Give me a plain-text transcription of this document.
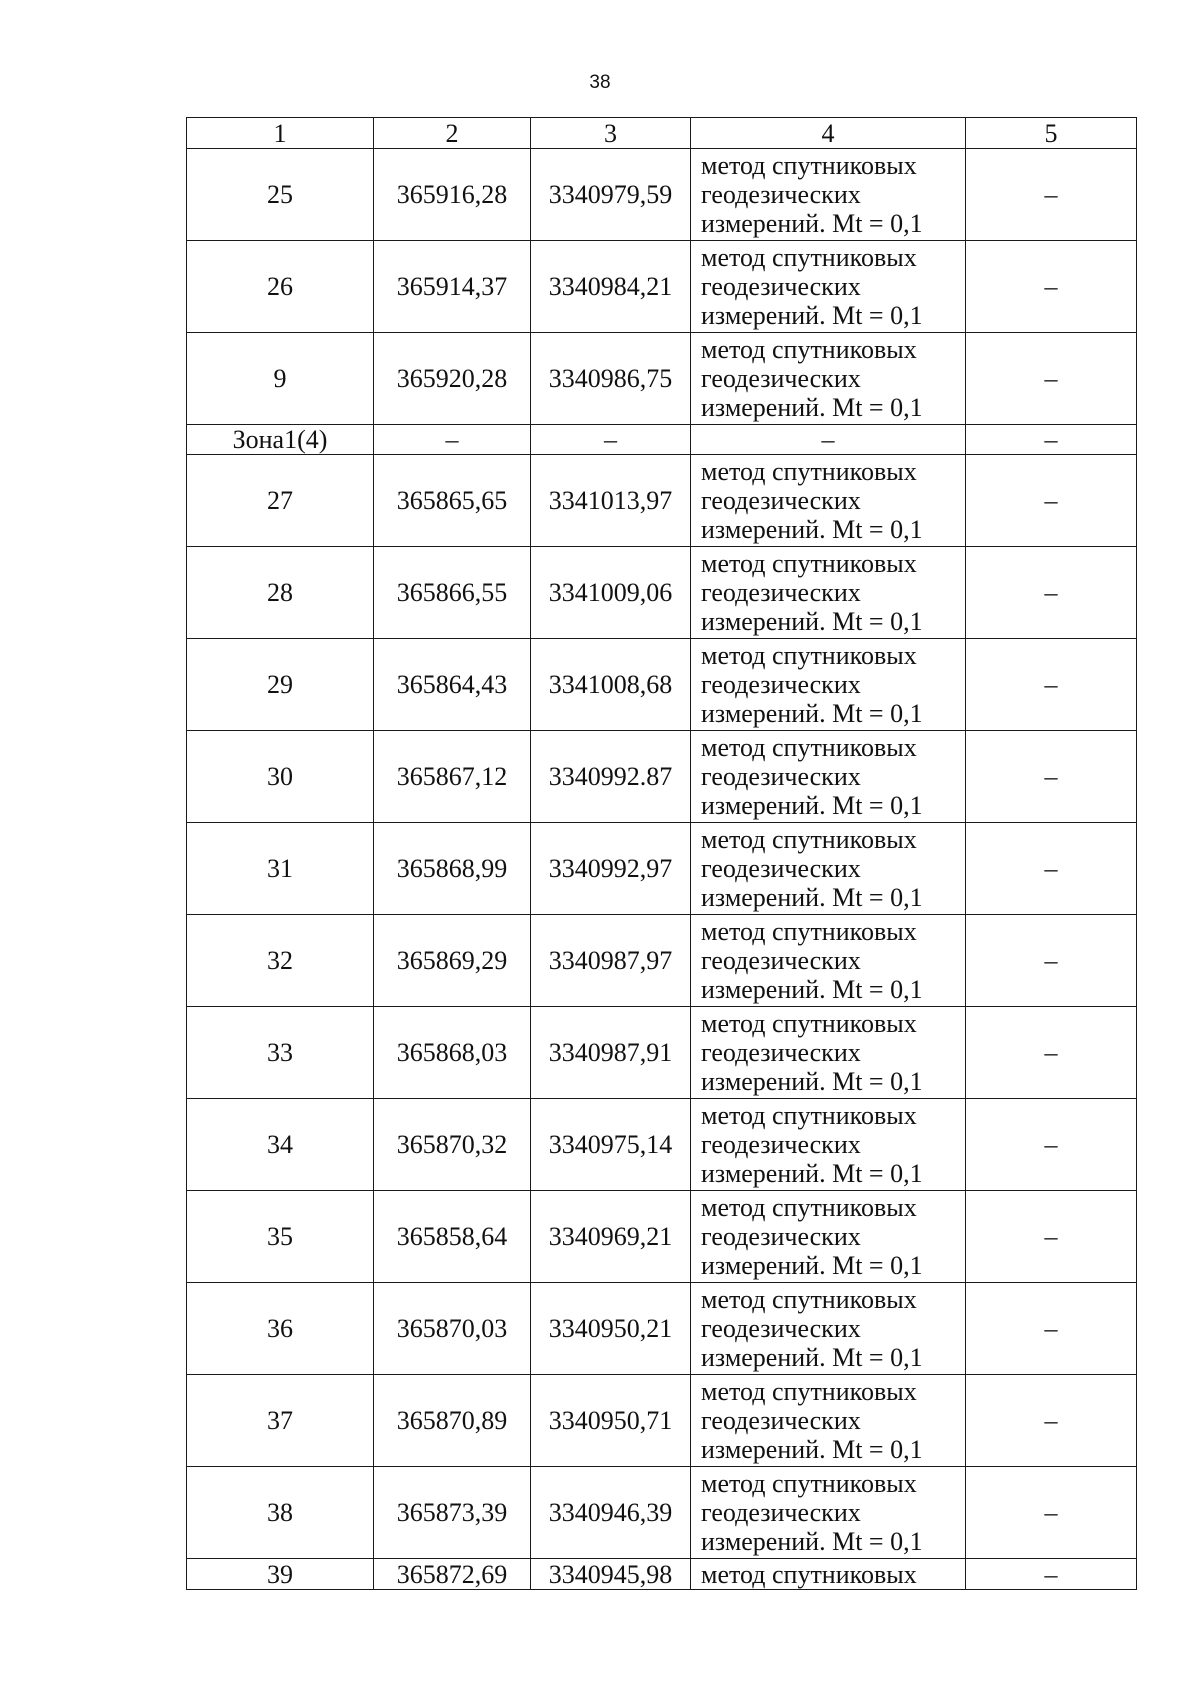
38
1	2	3	4	5
25	365916,28	3340979,59	метод спутниковых
геодезических
измерений. Mt = 0,1	–
26	365914,37	3340984,21	метод спутниковых
геодезических
измерений. Mt = 0,1	–
9	365920,28	3340986,75	метод спутниковых
геодезических
измерений. Mt = 0,1	–
Зона1(4)	–	–	–	–
27	365865,65	3341013,97	метод спутниковых
геодезических
измерений. Mt = 0,1	–
28	365866,55	3341009,06	метод спутниковых
геодезических
измерений. Mt = 0,1	–
29	365864,43	3341008,68	метод спутниковых
геодезических
измерений. Mt = 0,1	–
30	365867,12	3340992.87	метод спутниковых
геодезических
измерений. Mt = 0,1	–
31	365868,99	3340992,97	метод спутниковых
геодезических
измерений. Mt = 0,1	–
32	365869,29	3340987,97	метод спутниковых
геодезических
измерений. Mt = 0,1	–
33	365868,03	3340987,91	метод спутниковых
геодезических
измерений. Mt = 0,1	–
34	365870,32	3340975,14	метод спутниковых
геодезических
измерений. Mt = 0,1	–
35	365858,64	3340969,21	метод спутниковых
геодезических
измерений. Mt = 0,1	–
36	365870,03	3340950,21	метод спутниковых
геодезических
измерений. Mt = 0,1	–
37	365870,89	3340950,71	метод спутниковых
геодезических
измерений. Mt = 0,1	–
38	365873,39	3340946,39	метод спутниковых
геодезических
измерений. Mt = 0,1	–
39	365872,69	3340945,98	метод спутниковых	–
